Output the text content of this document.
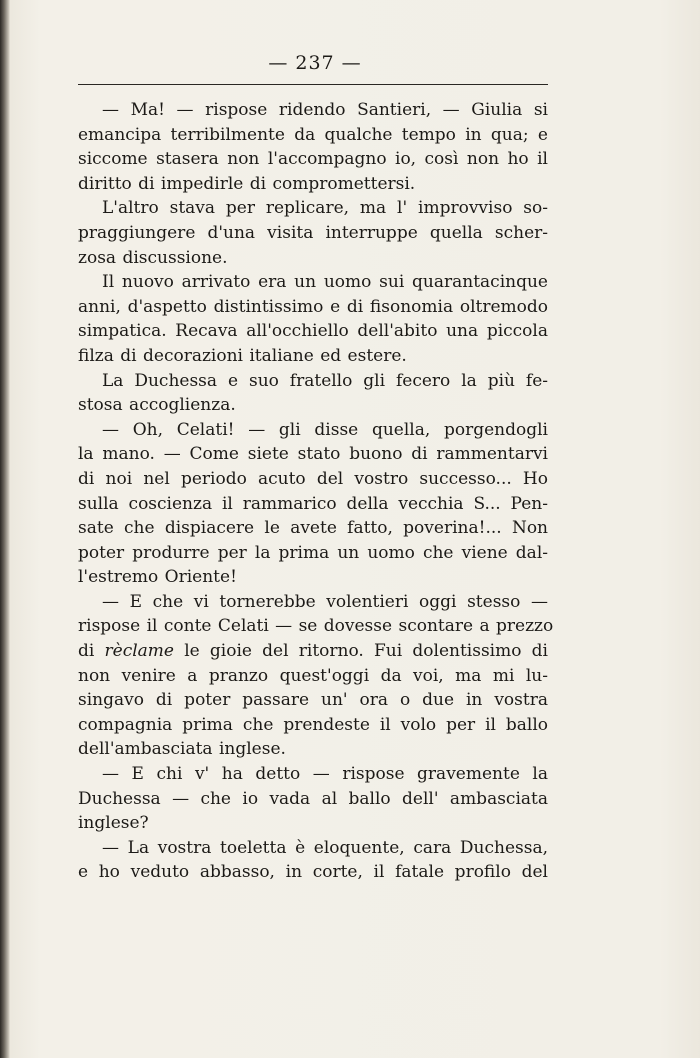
— 237 —
— Ma! — rispose ridendo Santieri, — Giulia si
emancipa terribilmente da qualche tempo in qua; e
siccome stasera non l'accompagno io, così non ho il
diritto di impedirle di compromettersi.
L'altro stava per replicare, ma l' improvviso so-
praggiungere d'una visita interruppe quella scher-
zosa discussione.
Il nuovo arrivato era un uomo sui quarantacinque
anni, d'aspetto distintissimo e di fisonomia oltremodo
simpatica. Recava all'occhiello dell'abito una piccola
filza di decorazioni italiane ed estere.
La Duchessa e suo fratello gli fecero la più fe-
stosa accoglienza.
— Oh, Celati! — gli disse quella, porgendogli
la mano. — Come siete stato buono di rammentarvi
di noi nel periodo acuto del vostro successo... Ho
sulla coscienza il rammarico della vecchia S... Pen-
sate che dispiacere le avete fatto, poverina!... Non
poter produrre per la prima un uomo che viene dal-
l'estremo Oriente!
— E che vi tornerebbe volentieri oggi stesso —
rispose il conte Celati — se dovesse scontare a prezzo
di rèclame le gioie del ritorno. Fui dolentissimo di
non venire a pranzo quest'oggi da voi, ma mi lu-
singavo di poter passare un' ora o due in vostra
compagnia prima che prendeste il volo per il ballo
dell'ambasciata inglese.
— E chi v' ha detto — rispose gravemente la
Duchessa — che io vada al ballo dell' ambasciata
inglese?
— La vostra toeletta è eloquente, cara Duchessa,
e ho veduto abbasso, in corte, il fatale profilo del
